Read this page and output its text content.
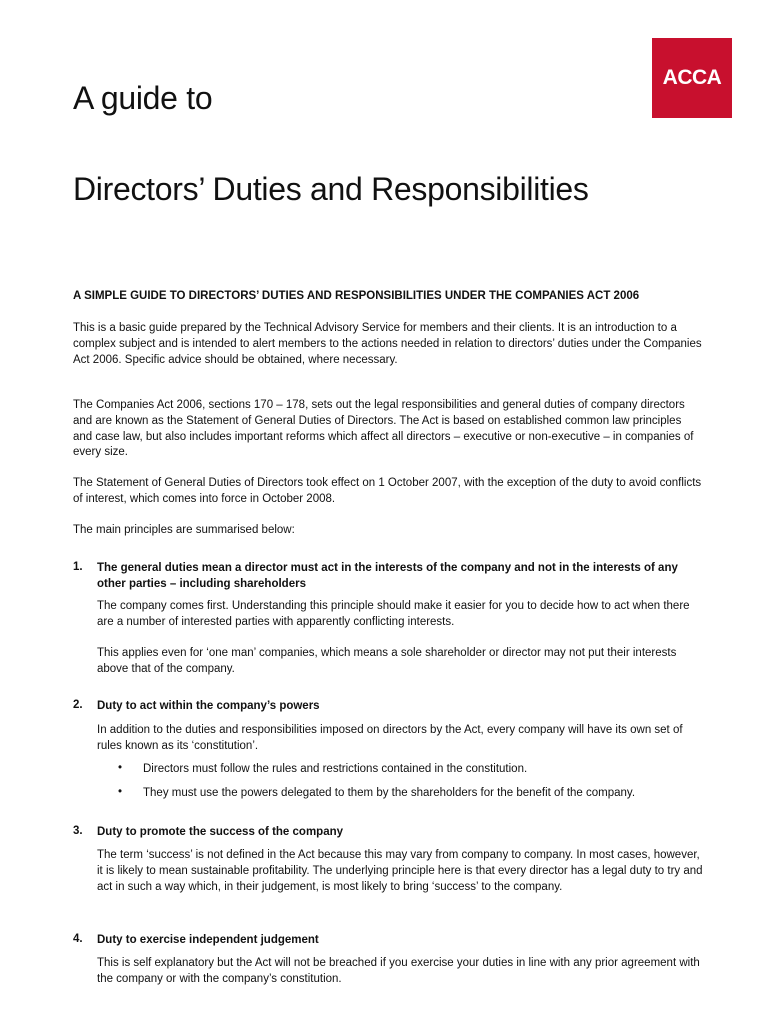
ACCA
A guide to
Directors’ Duties and Responsibilities

A SIMPLE GUIDE TO DIRECTORS’ DUTIES AND RESPONSIBILITIES UNDER THE COMPANIES ACT 2006

This is a basic guide prepared by the Technical Advisory Service for members and their clients. It is an introduction to a complex subject and is intended to alert members to the actions needed in relation to directors’ duties under the Companies Act 2006. Specific advice should be obtained, where necessary.

The Companies Act 2006, sections 170 – 178, sets out the legal responsibilities and general duties of company directors and are known as the Statement of General Duties of Directors. The Act is based on established common law principles and case law, but also includes important reforms which affect all directors – executive or non-executive – in companies of every size.

The Statement of General Duties of Directors took effect on 1 October 2007, with the exception of the duty to avoid conflicts of interest, which comes into force in October 2008.

The main principles are summarised below:

1. The general duties mean a director must act in the interests of the company and not in the interests of any other parties – including shareholders

The company comes first. Understanding this principle should make it easier for you to decide how to act when there are a number of interested parties with apparently conflicting interests.

This applies even for ‘one man’ companies, which means a sole shareholder or director may not put their interests above that of the company.

2. Duty to act within the company’s powers

In addition to the duties and responsibilities imposed on directors by the Act, every company will have its own set of rules known as its ‘constitution’.

• Directors must follow the rules and restrictions contained in the constitution.

• They must use the powers delegated to them by the shareholders for the benefit of the company.

3. Duty to promote the success of the company

The term ‘success’ is not defined in the Act because this may vary from company to company. In most cases, however, it is likely to mean sustainable profitability. The underlying principle here is that every director has a legal duty to try and act in such a way which, in their judgement, is most likely to bring ‘success’ to the company.

4. Duty to exercise independent judgement

This is self explanatory but the Act will not be breached if you exercise your duties in line with any prior agreement with the company or with the company’s constitution.
